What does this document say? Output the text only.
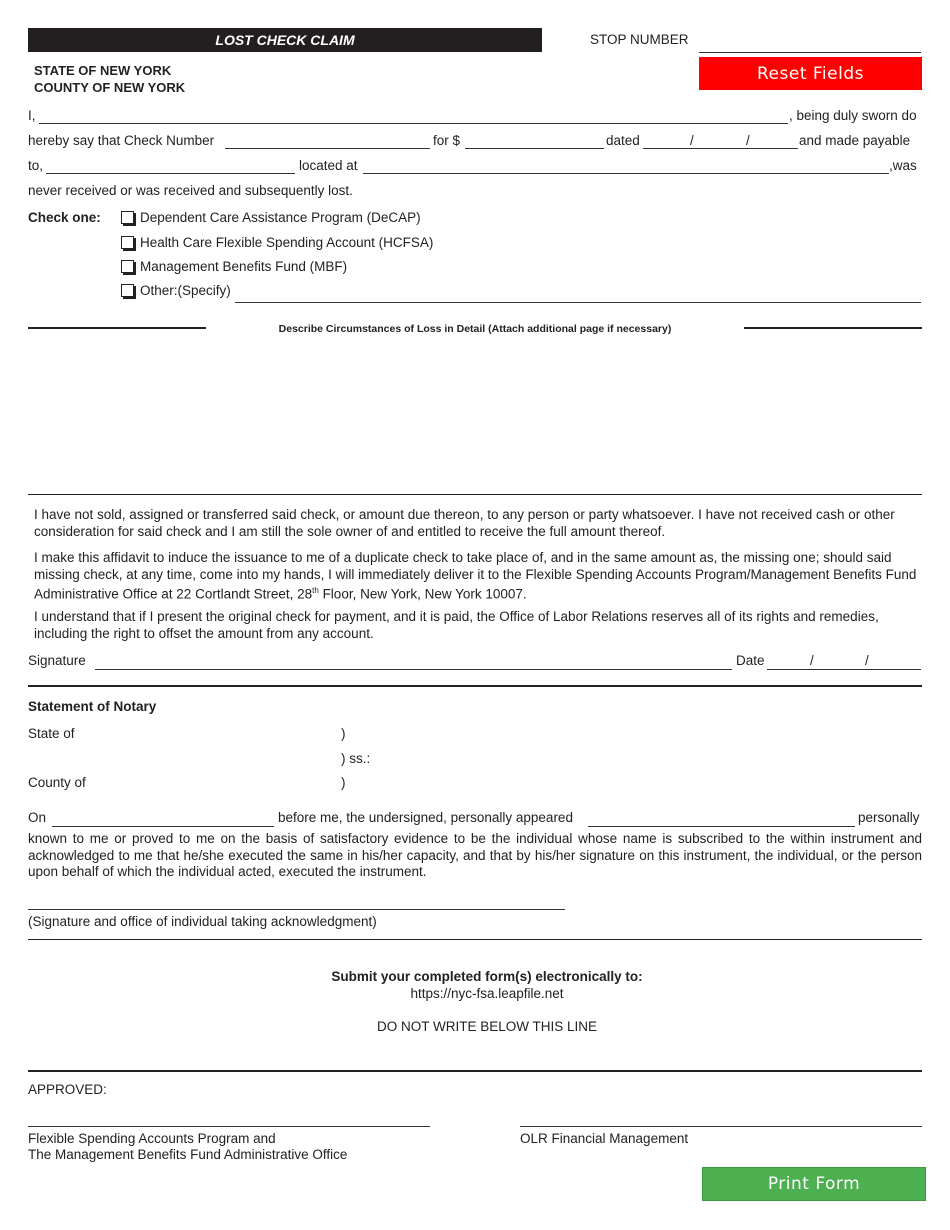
LOST CHECK CLAIM	STOP NUMBER
Reset Fields
STATE OF NEW YORK
COUNTY OF NEW YORK
I,	, being duly sworn do
hereby say that Check Number	for $	dated	/	/	and made payable
to,	located at	,was
never received or was received and subsequently lost.
Check one:	Dependent Care Assistance Program (DeCAP)
Health Care Flexible Spending Account (HCFSA)
Management Benefits Fund (MBF)
Other:(Specify)
Describe Circumstances of Loss in Detail (Attach additional page if necessary)
I have not sold, assigned or transferred said check, or amount due thereon, to any person or party whatsoever. I have not received cash or other consideration for said check and I am still the sole owner of and entitled to receive the full amount thereof.
I make this affidavit to induce the issuance to me of a duplicate check to take place of, and in the same amount as, the missing one; should said missing check, at any time, come into my hands, I will immediately deliver it to the Flexible Spending Accounts Program/Management Benefits Fund Administrative Office at 22 Cortlandt Street, 28th Floor, New York, New York 10007.
I understand that if I present the original check for payment, and it is paid, the Office of Labor Relations reserves all of its rights and remedies, including the right to offset the amount from any account.
Signature	Date	/	/
Statement of Notary
State of	)
) ss.:
County of	)
On	before me, the undersigned, personally appeared	personally
known to me or proved to me on the basis of satisfactory evidence to be the individual whose name is subscribed to the within instrument and acknowledged to me that he/she executed the same in his/her capacity, and that by his/her signature on this instrument, the individual, or the person upon behalf of which the individual acted, executed the instrument.
(Signature and office of individual taking acknowledgment)
Submit your completed form(s) electronically to:
https://nyc-fsa.leapfile.net
DO NOT WRITE BELOW THIS LINE
APPROVED:
Flexible Spending Accounts Program and
The Management Benefits Fund Administrative Office
OLR Financial Management
Print Form
